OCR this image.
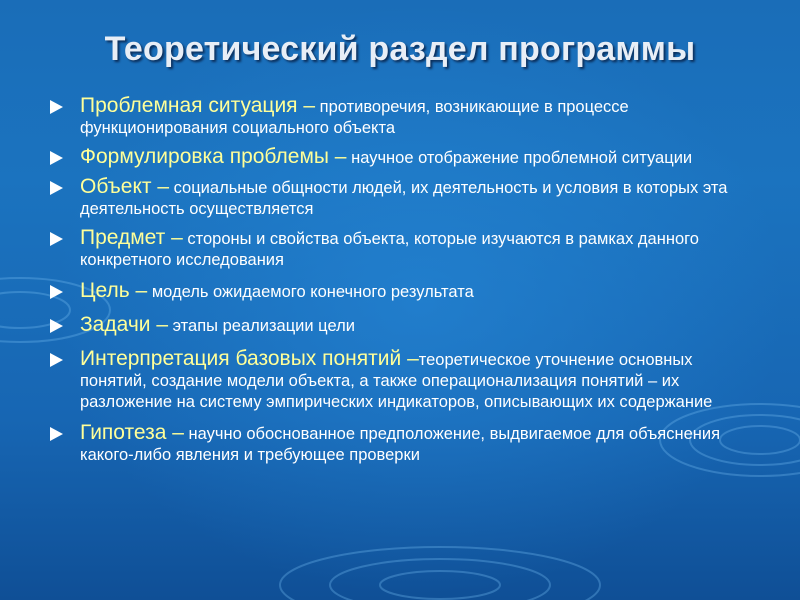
Теоретический раздел программы
Проблемная ситуация – противоречия, возникающие в процессе функционирования социального объекта
Формулировка проблемы – научное отображение проблемной ситуации
Объект – социальные общности людей, их деятельность и условия в которых эта деятельность осуществляется
Предмет – стороны и свойства объекта, которые изучаются в рамках данного конкретного исследования
Цель – модель ожидаемого конечного результата
Задачи – этапы реализации цели
Интерпретация базовых понятий –теоретическое уточнение основных понятий, создание модели объекта, а также операционализация понятий – их разложение на систему эмпирических индикаторов, описывающих их содержание
Гипотеза – научно обоснованное предположение, выдвигаемое для объяснения какого-либо явления и требующее проверки
